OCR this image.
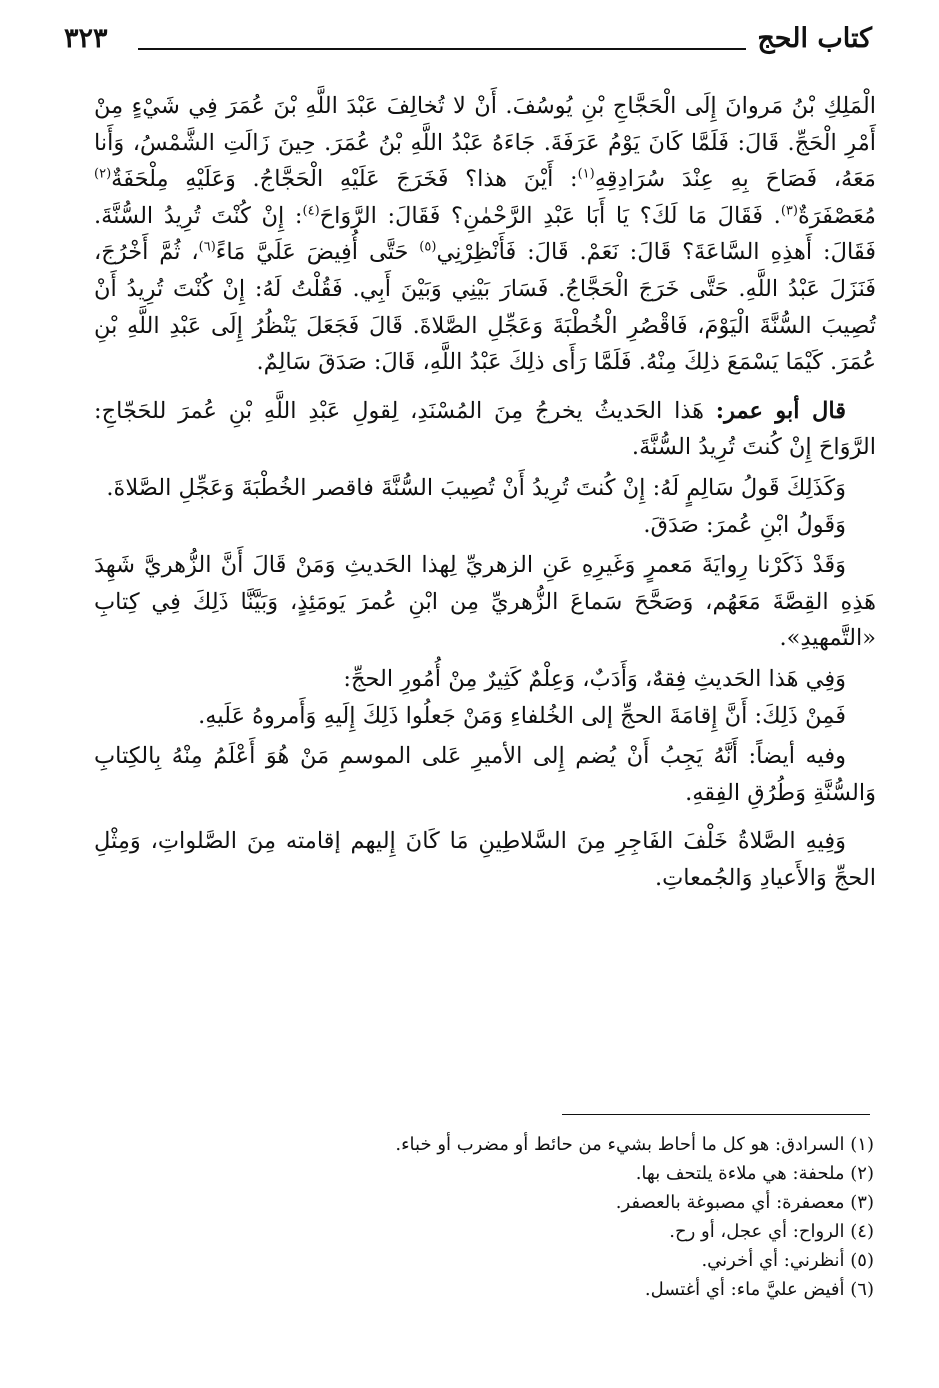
كتاب الحج
٣٢٣

الْمَلِكِ بْنُ مَروانَ إِلَى الْحَجَّاجِ بْنِ يُوسُفَ. أَنْ لا تُخالِفَ عَبْدَ اللَّهِ بْنَ عُمَرَ فِي شَيْءٍ مِنْ أَمْرِ الْحَجِّ. قَالَ: فَلَمَّا كَانَ يَوْمُ عَرَفَةَ. جَاءَهُ عَبْدُ اللَّهِ بْنُ عُمَرَ. حِينَ زَالَتِ الشَّمْسُ، وَأَنا مَعَهُ، فَصَاحَ بِهِ عِنْدَ سُرَادِقِهِ$^{(١)}$: أَيْنَ هذا؟ فَخَرَجَ عَلَيْهِ الْحَجَّاجُ. وَعَلَيْهِ مِلْحَفَةٌ$^{(٢)}$ مُعَصْفَرَةٌ$^{(٣)}$. فَقَالَ مَا لَكَ؟ يَا أَبَا عَبْدِ الرَّحْمٰنِ؟ فَقَالَ: الرَّوَاحَ$^{(٤)}$: إِنْ كُنْتَ تُرِيدُ السُّنَّةَ. فَقَالَ: أَهذِهِ السَّاعَةَ؟ قَالَ: نَعَمْ. قَالَ: فَأَنْظِرْنِي$^{(٥)}$ حَتَّى أُفِيضَ عَلَيَّ مَاءً$^{(٦)}$، ثُمَّ أَخْرُجَ، فَنَزَلَ عَبْدُ اللَّهِ. حَتَّى خَرَجَ الْحَجَّاجُ. فَسَارَ بَيْنِي وَبَيْنَ أَبِي. فَقُلْتُ لَهُ: إِنْ كُنْتَ تُرِيدُ أَنْ تُصِيبَ السُّنَّةَ الْيَوْمَ، فَاقْصُرِ الْخُطْبَةَ وَعَجِّلِ الصَّلاةَ. قَالَ فَجَعَلَ يَنْظُرُ إِلَى عَبْدِ اللَّهِ بْنِ عُمَرَ. كَيْمَا يَسْمَعَ ذلِكَ مِنْهُ. فَلَمَّا رَأَى ذلِكَ عَبْدُ اللَّهِ، قَالَ: صَدَقَ سَالِمٌ.

قال أبو عمر: هَذا الحَديثُ يخرجُ مِنَ المُسْنَدِ، لِقولِ عَبْدِ اللَّهِ بْنِ عُمرَ للحَجّاجِ: الرَّوَاحَ إِنْ كُنتَ تُرِيدُ السُّنَّةَ.

وَكَذَلِكَ قَولُ سَالِمٍ لَهُ: إِنْ كُنتَ تُرِيدُ أَنْ تُصِيبَ السُّنَّةَ فاقصر الخُطْبَةَ وَعَجِّلِ الصَّلاةَ.

وَقَولُ ابْنِ عُمرَ: صَدَقَ.

وَقَدْ ذَكَرْنا رِوايَةَ مَعمرٍ وَغَيرِهِ عَنِ الزهريِّ لِهذا الحَديثِ وَمَنْ قَالَ أَنَّ الزُّهريَّ شَهِدَ هَذِهِ القِصَّةَ مَعَهُم، وَصَحَّحَ سَماعَ الزُّهريِّ مِن ابْنِ عُمرَ يَومَئِذٍ، وَبَيَّنَّا ذَلِكَ فِي كِتابِ «التَّمهيدِ».

وَفِي هَذا الحَديثِ فِقهٌ، وَأَدَبٌ، وَعِلْمٌ كَثِيرٌ مِنْ أُمُورِ الحجِّ:

فَمِنْ ذَلِكَ: أَنَّ إِقامَةَ الحجِّ إلى الخُلفاءِ وَمَنْ جَعلُوا ذَلِكَ إِلَيهِ وَأَمروهُ عَلَيهِ.

وفيه أيضاً: أَنَّهُ يَجِبُ أَنْ يُضم إِلى الأميرِ عَلى الموسمِ مَنْ هُوَ أَعْلَمُ مِنْهُ بِالكِتابِ وَالسُّنَّةِ وَطُرُقِ الفِقهِ.

وَفِيهِ الصَّلاةُ خَلْفَ الفَاجِرِ مِنَ السَّلاطِينِ مَا كَانَ إِليهم إقامته مِنَ الصَّلواتِ، وَمِثْلِ الحجِّ وَالأَعيادِ وَالجُمعاتِ.

(١) السرادق: هو كل ما أحاط بشيء من حائط أو مضرب أو خباء.

(٢) ملحفة: هي ملاءة يلتحف بها.

(٣) معصفرة: أي مصبوغة بالعصفر.

(٤) الرواح: أي عجل، أو رح.

(٥) أنظرني: أي أخرني.

(٦) أفيض عليَّ ماء: أي أغتسل.
